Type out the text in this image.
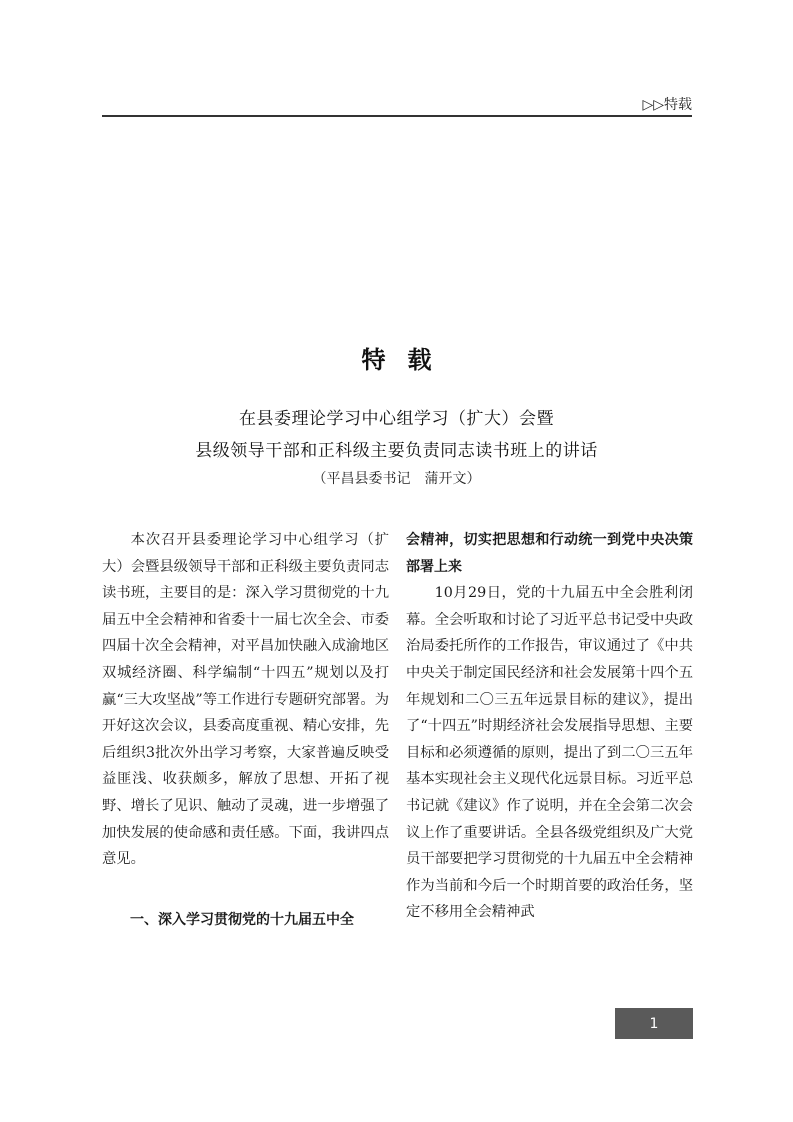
▷▷特载
特载
在县委理论学习中心组学习（扩大）会暨
县级领导干部和正科级主要负责同志读书班上的讲话
（平昌县委书记　蒲开文）

本次召开县委理论学习中心组学习（扩大）会暨县级领导干部和正科级主要负责同志读书班，主要目的是：深入学习贯彻党的十九届五中全会精神和省委十一届七次全会、市委四届十次全会精神，对平昌加快融入成渝地区双城经济圈、科学编制“十四五”规划以及打赢“三大攻坚战”等工作进行专题研究部署。为开好这次会议，县委高度重视、精心安排，先后组织3批次外出学习考察，大家普遍反映受益匪浅、收获颇多，解放了思想、开拓了视野、增长了见识、触动了灵魂，进一步增强了加快发展的使命感和责任感。下面，我讲四点意见。

一、深入学习贯彻党的十九届五中全

会精神，切实把思想和行动统一到党中央决策部署上来

10月29日，党的十九届五中全会胜利闭幕。全会听取和讨论了习近平总书记受中央政治局委托所作的工作报告，审议通过了《中共中央关于制定国民经济和社会发展第十四个五年规划和二〇三五年远景目标的建议》，提出了“十四五”时期经济社会发展指导思想、主要目标和必须遵循的原则，提出了到二〇三五年基本实现社会主义现代化远景目标。习近平总书记就《建议》作了说明，并在全会第二次会议上作了重要讲话。全县各级党组织及广大党员干部要把学习贯彻党的十九届五中全会精神作为当前和今后一个时期首要的政治任务，坚定不移用全会精神武

1
